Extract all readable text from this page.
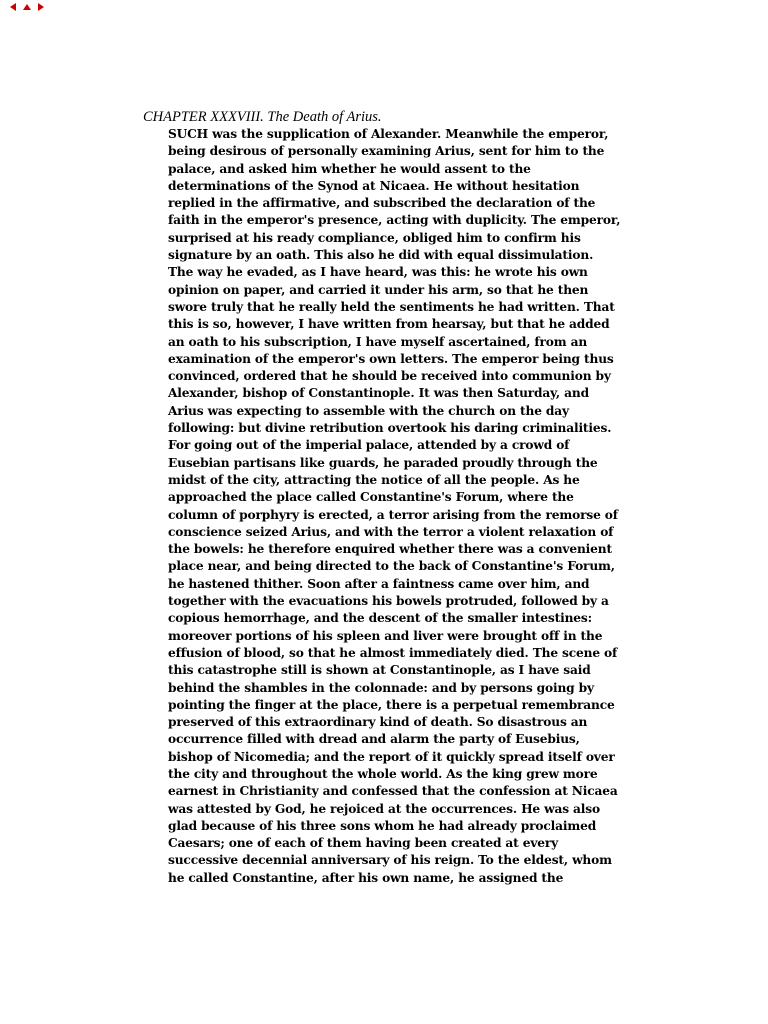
CHAPTER XXXVIII. The Death of Arius.
SUCH was the supplication of Alexander. Meanwhile the emperor,
being desirous of personally examining Arius, sent for him to the
palace, and asked him whether he would assent to the
determinations of the Synod at Nicaea. He without hesitation
replied in the affirmative, and subscribed the declaration of the
faith in the emperor's presence, acting with duplicity. The emperor,
surprised at his ready compliance, obliged him to confirm his
signature by an oath. This also he did with equal dissimulation.
The way he evaded, as I have heard, was this: he wrote his own
opinion on paper, and carried it under his arm, so that he then
swore truly that he really held the sentiments he had written. That
this is so, however, I have written from hearsay, but that he added
an oath to his subscription, I have myself ascertained, from an
examination of the emperor's own letters. The emperor being thus
convinced, ordered that he should be received into communion by
Alexander, bishop of Constantinople. It was then Saturday, and
Arius was expecting to assemble with the church on the day
following: but divine retribution overtook his daring criminalities.
For going out of the imperial palace, attended by a crowd of
Eusebian partisans like guards, he paraded proudly through the
midst of the city, attracting the notice of all the people. As he
approached the place called Constantine's Forum, where the
column of porphyry is erected, a terror arising from the remorse of
conscience seized Arius, and with the terror a violent relaxation of
the bowels: he therefore enquired whether there was a convenient
place near, and being directed to the back of Constantine's Forum,
he hastened thither. Soon after a faintness came over him, and
together with the evacuations his bowels protruded, followed by a
copious hemorrhage, and the descent of the smaller intestines:
moreover portions of his spleen and liver were brought off in the
effusion of blood, so that he almost immediately died. The scene of
this catastrophe still is shown at Constantinople, as I have said
behind the shambles in the colonnade: and by persons going by
pointing the finger at the place, there is a perpetual remembrance
preserved of this extraordinary kind of death. So disastrous an
occurrence filled with dread and alarm the party of Eusebius,
bishop of Nicomedia; and the report of it quickly spread itself over
the city and throughout the whole world. As the king grew more
earnest in Christianity and confessed that the confession at Nicaea
was attested by God, he rejoiced at the occurrences. He was also
glad because of his three sons whom he had already proclaimed
Caesars; one of each of them having been created at every
successive decennial anniversary of his reign. To the eldest, whom
he called Constantine, after his own name, he assigned the
